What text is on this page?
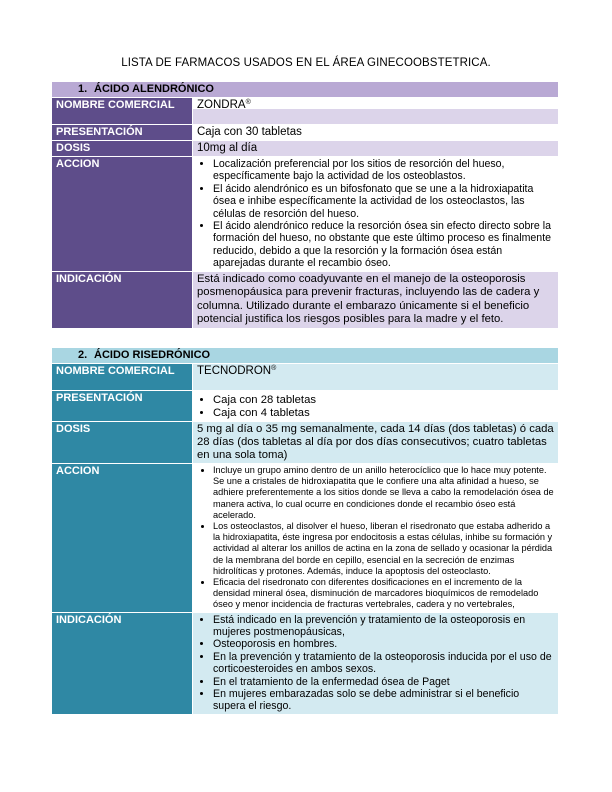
LISTA DE FARMACOS USADOS EN EL ÁREA GINECOOBSTETRICA.
1. ÁCIDO ALENDRÓNICO
NOMBRE COMERCIAL	ZONDRA®
PRESENTACIÓN	Caja con 30 tabletas
DOSIS	10mg al día
ACCION	• Localización preferencial por los sitios de resorción del hueso, específicamente bajo la actividad de los osteoblastos.
• El ácido alendrónico es un bifosfonato que se une a la hidroxiapatita ósea e inhibe específicamente la actividad de los osteoclastos, las células de resorción del hueso.
• El ácido alendrónico reduce la resorción ósea sin efecto directo sobre la formación del hueso, no obstante que este último proceso es finalmente reducido, debido a que la resorción y la formación ósea están aparejadas durante el recambio óseo.
INDICACIÓN	Está indicado como coadyuvante en el manejo de la osteoporosis posmenopáusica para prevenir fracturas, incluyendo las de cadera y columna. Utilizado durante el embarazo únicamente si el beneficio potencial justifica los riesgos posibles para la madre y el feto.
2. ÁCIDO RISEDRÓNICO
NOMBRE COMERCIAL	TECNODRON®
PRESENTACIÓN	• Caja con 28 tabletas
• Caja con 4 tabletas
DOSIS	5 mg al día o 35 mg semanalmente, cada 14 días (dos tabletas) ó cada 28 días (dos tabletas al día por dos días consecutivos; cuatro tabletas en una sola toma)
ACCION	• Incluye un grupo amino dentro de un anillo heterocíclico que lo hace muy potente. Se une a cristales de hidroxiapatita que le confiere una alta afinidad a hueso, se adhiere preferentemente a los sitios donde se lleva a cabo la remodelación ósea de manera activa, lo cual ocurre en condiciones donde el recambio óseo está acelerado.
• Los osteoclastos, al disolver el hueso, liberan el risedronato que estaba adherido a la hidroxiapatita, éste ingresa por endocitosis a estas células, inhibe su formación y actividad al alterar los anillos de actina en la zona de sellado y ocasionar la pérdida de la membrana del borde en cepillo, esencial en la secreción de enzimas hidrolíticas y protones. Además, induce la apoptosis del osteoclasto.
• Eficacia del risedronato con diferentes dosificaciones en el incremento de la densidad mineral ósea, disminución de marcadores bioquímicos de remodelado óseo y menor incidencia de fracturas vertebrales, cadera y no vertebrales,
INDICACIÓN	• Está indicado en la prevención y tratamiento de la osteoporosis en mujeres postmenopáusicas,
• Osteoporosis en hombres.
• En la prevención y tratamiento de la osteoporosis inducida por el uso de corticoesteroides en ambos sexos.
• En el tratamiento de la enfermedad ósea de Paget
• En mujeres embarazadas solo se debe administrar si el beneficio supera el riesgo.
